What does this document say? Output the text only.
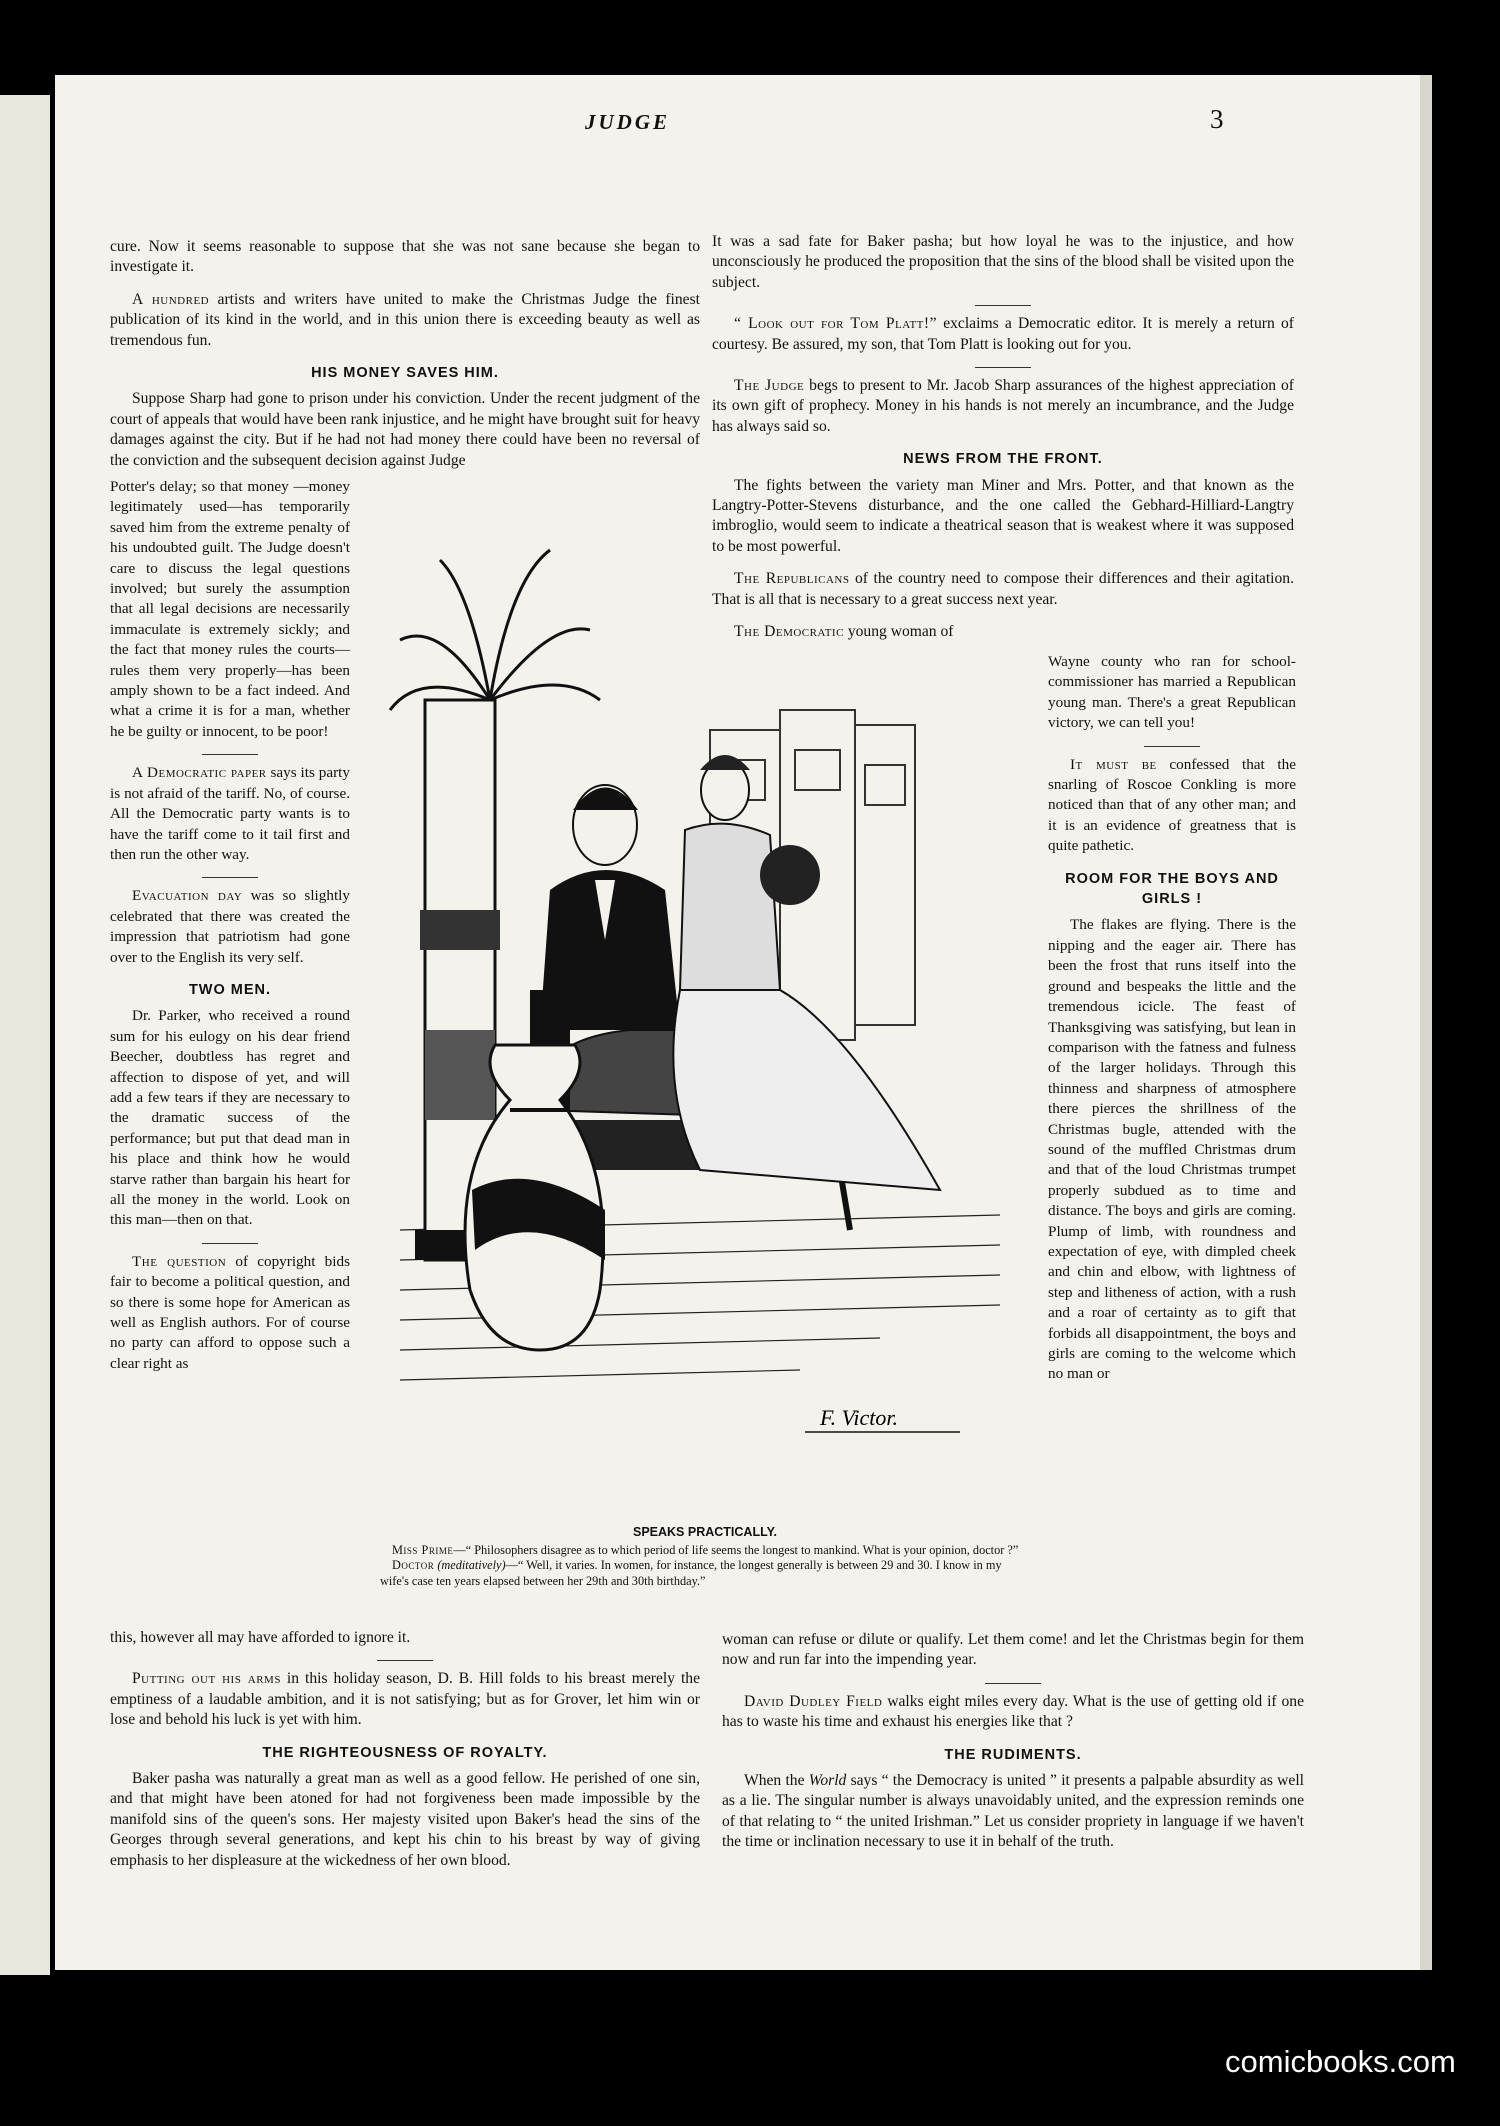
JUDGE	3

cure. Now it seems reasonable to suppose that she was not sane because she began to investigate it.

A hundred artists and writers have united to make the Christmas Judge the finest publication of its kind in the world, and in this union there is exceeding beauty as well as tremendous fun.

HIS MONEY SAVES HIM.

Suppose Sharp had gone to prison under his conviction. Under the recent judgment of the court of appeals that would have been rank injustice, and he might have brought suit for heavy damages against the city. But if he had not had money there could have been no reversal of the conviction and the subsequent decision against Judge

Potter's delay; so that money —money legitimately used—has temporarily saved him from the extreme penalty of his undoubted guilt. The Judge doesn't care to discuss the legal questions involved; but surely the assumption that all legal decisions are necessarily immaculate is extremely sickly; and the fact that money rules the courts—rules them very properly—has been amply shown to be a fact indeed. And what a crime it is for a man, whether he be guilty or innocent, to be poor!

A Democratic paper says its party is not afraid of the tariff. No, of course. All the Democratic party wants is to have the tariff come to it tail first and then run the other way.

Evacuation day was so slightly celebrated that there was created the impression that patriotism had gone over to the English its very self.

TWO MEN.

Dr. Parker, who received a round sum for his eulogy on his dear friend Beecher, doubtless has regret and affection to dispose of yet, and will add a few tears if they are necessary to the dramatic success of the performance; but put that dead man in his place and think how he would starve rather than bargain his heart for all the money in the world. Look on this man—then on that.

The question of copyright bids fair to become a political question, and so there is some hope for American as well as English authors. For of course no party can afford to oppose such a clear right as

this, however all may have afforded to ignore it.

Putting out his arms in this holiday season, D. B. Hill folds to his breast merely the emptiness of a laudable ambition, and it is not satisfying; but as for Grover, let him win or lose and behold his luck is yet with him.

THE RIGHTEOUSNESS OF ROYALTY.

Baker pasha was naturally a great man as well as a good fellow. He perished of one sin, and that might have been atoned for had not forgiveness been made impossible by the manifold sins of the queen's sons. Her majesty visited upon Baker's head the sins of the Georges through several generations, and kept his chin to his breast by way of giving emphasis to her displeasure at the wickedness of her own blood.

It was a sad fate for Baker pasha; but how loyal he was to the injustice, and how unconsciously he produced the proposition that the sins of the blood shall be visited upon the subject.

“ Look out for Tom Platt!” exclaims a Democratic editor. It is merely a return of courtesy. Be assured, my son, that Tom Platt is looking out for you.

The Judge begs to present to Mr. Jacob Sharp assurances of the highest appreciation of its own gift of prophecy. Money in his hands is not merely an incumbrance, and the Judge has always said so.

NEWS FROM THE FRONT.

The fights between the variety man Miner and Mrs. Potter, and that known as the Langtry-Potter-Stevens disturbance, and the one called the Gebhard-Hilliard-Langtry imbroglio, would seem to indicate a theatrical season that is weakest where it was supposed to be most powerful.

The Republicans of the country need to compose their differences and their agitation. That is all that is necessary to a great success next year.

The Democratic young woman of

Wayne county who ran for school-commissioner has married a Republican young man. There's a great Republican victory, we can tell you!

It must be confessed that the snarling of Roscoe Conkling is more noticed than that of any other man; and it is an evidence of greatness that is quite pathetic.

ROOM FOR THE BOYS AND GIRLS !

The flakes are flying. There is the nipping and the eager air. There has been the frost that runs itself into the ground and bespeaks the little and the tremendous icicle. The feast of Thanksgiving was satisfying, but lean in comparison with the fatness and fulness of the larger holidays. Through this thinness and sharpness of atmosphere there pierces the shrillness of the Christmas bugle, attended with the sound of the muffled Christmas drum and that of the loud Christmas trumpet properly subdued as to time and distance. The boys and girls are coming. Plump of limb, with roundness and expectation of eye, with dimpled cheek and chin and elbow, with lightness of step and litheness of action, with a rush and a roar of certainty as to gift that forbids all disappointment, the boys and girls are coming to the welcome which no man or

woman can refuse or dilute or qualify. Let them come! and let the Christmas begin for them now and run far into the impending year.

David Dudley Field walks eight miles every day. What is the use of getting old if one has to waste his time and exhaust his energies like that ?

THE RUDIMENTS.

When the World says “ the Democracy is united ” it presents a palpable absurdity as well as a lie. The singular number is always unavoidably united, and the expression reminds one of that relating to “ the united Irishman.” Let us consider propriety in language if we haven't the time or inclination necessary to use it in behalf of the truth.

F. Victor.
SPEAKS PRACTICALLY.
Miss Prime—“ Philosophers disagree as to which period of life seems the longest to mankind. What is your opinion, doctor ?”
Doctor (meditatively)—“ Well, it varies. In women, for instance, the longest generally is between 29 and 30. I know in my wife's case ten years elapsed between her 29th and 30th birthday.”
comicbooks.com
